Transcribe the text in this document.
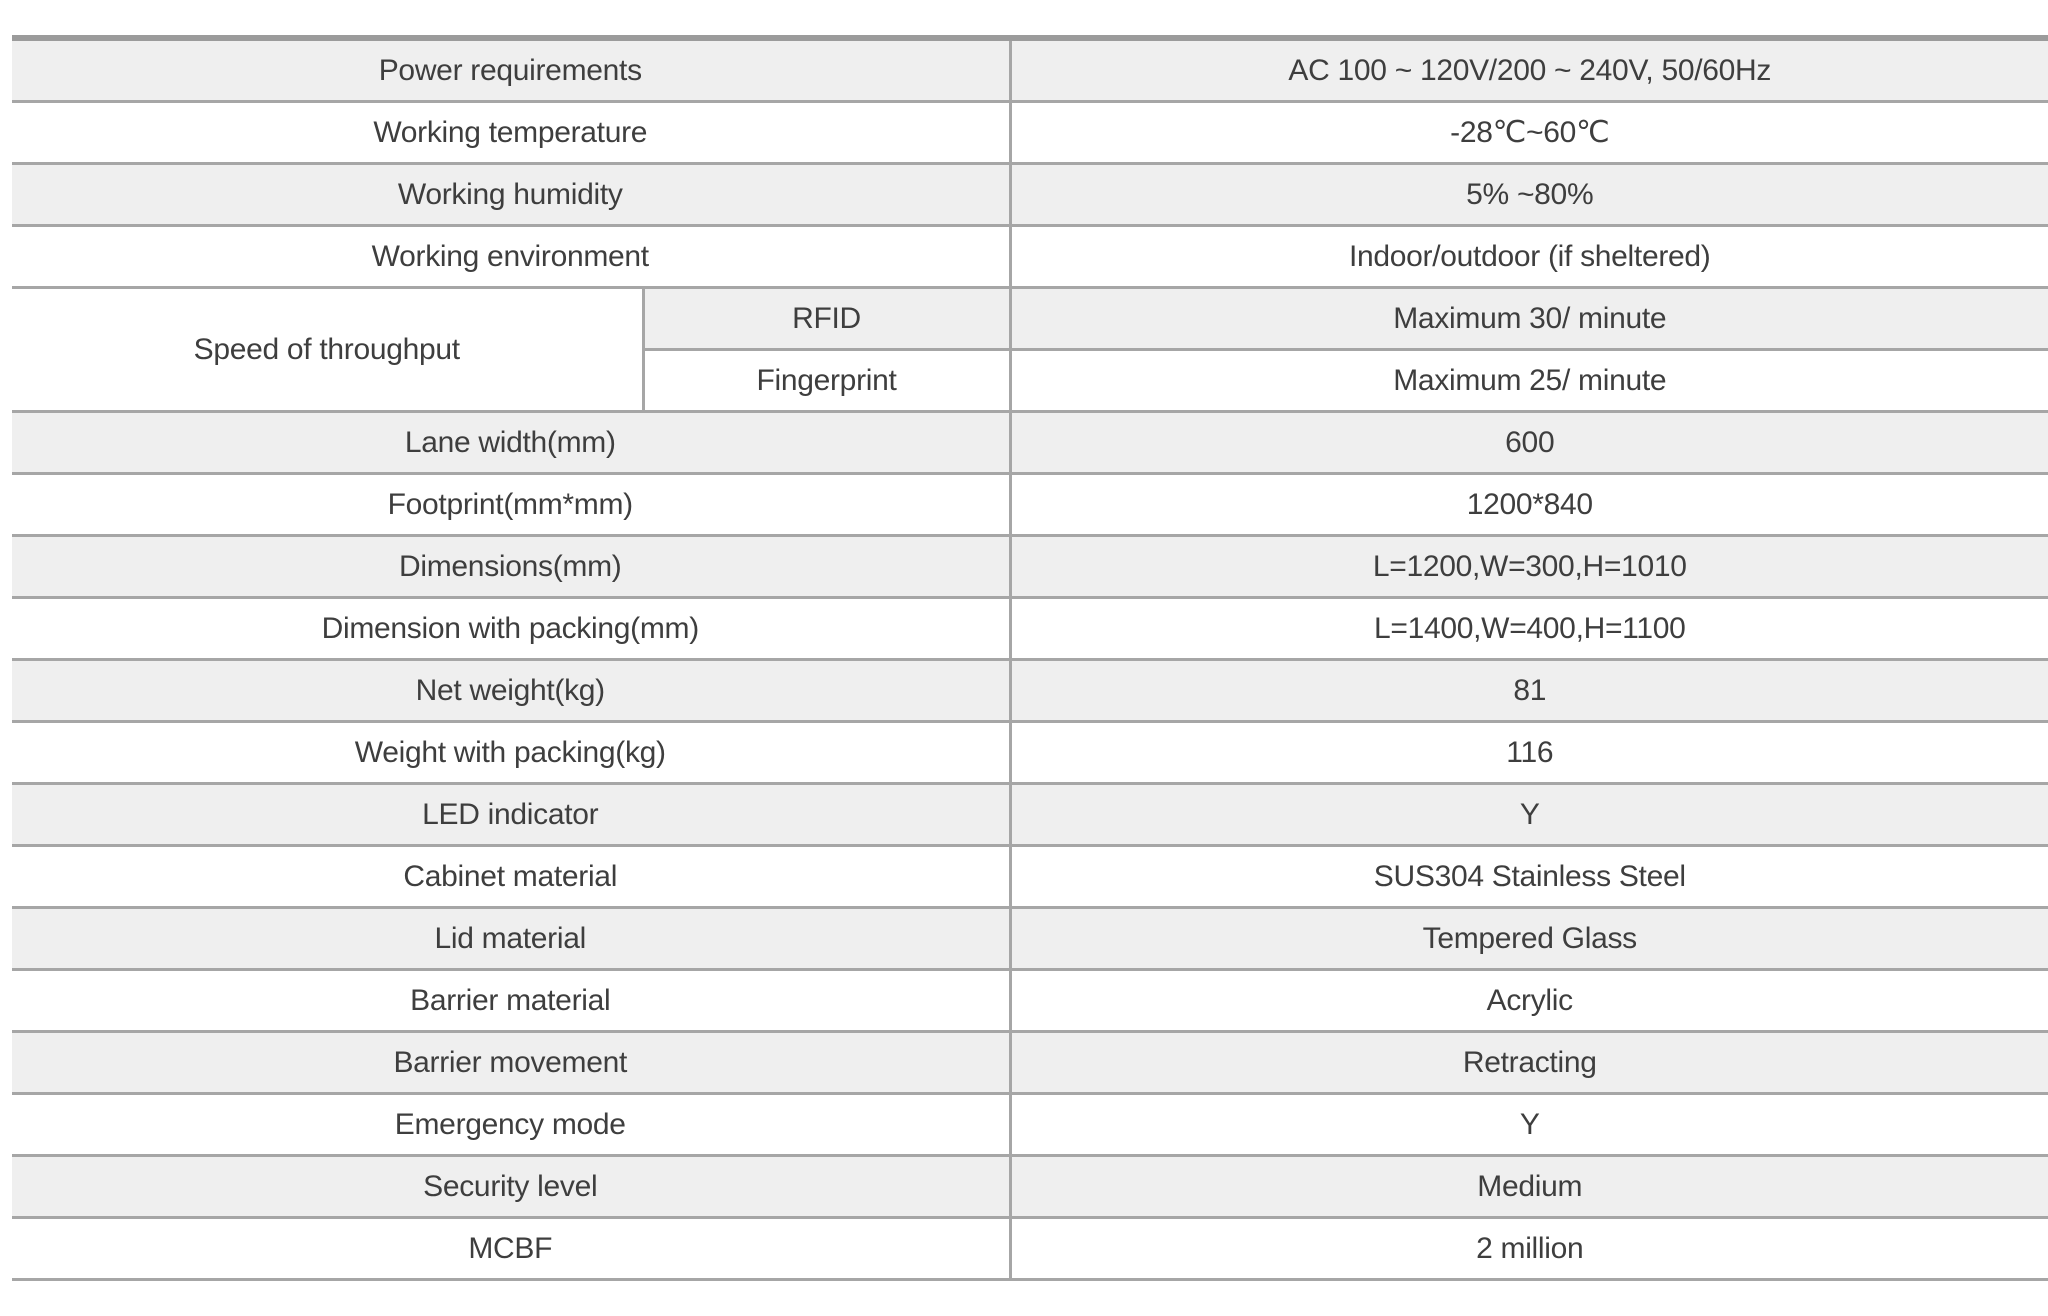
Power requirements		AC 100 ~ 120V/200 ~ 240V, 50/60Hz
Working temperature		-28℃~60℃
Working humidity		5% ~80%
Working environment		Indoor/outdoor (if sheltered)
Speed of throughput	RFID	Maximum 30/ minute
	Fingerprint	Maximum 25/ minute
Lane width(mm)		600
Footprint(mm*mm)		1200*840
Dimensions(mm)		L=1200,W=300,H=1010
Dimension with packing(mm)		L=1400,W=400,H=1100
Net weight(kg)		81
Weight with packing(kg)		116
LED indicator		Y
Cabinet material		SUS304 Stainless Steel
Lid material		Tempered Glass
Barrier material		Acrylic
Barrier movement		Retracting
Emergency mode		Y
Security level		Medium
MCBF		2 million
